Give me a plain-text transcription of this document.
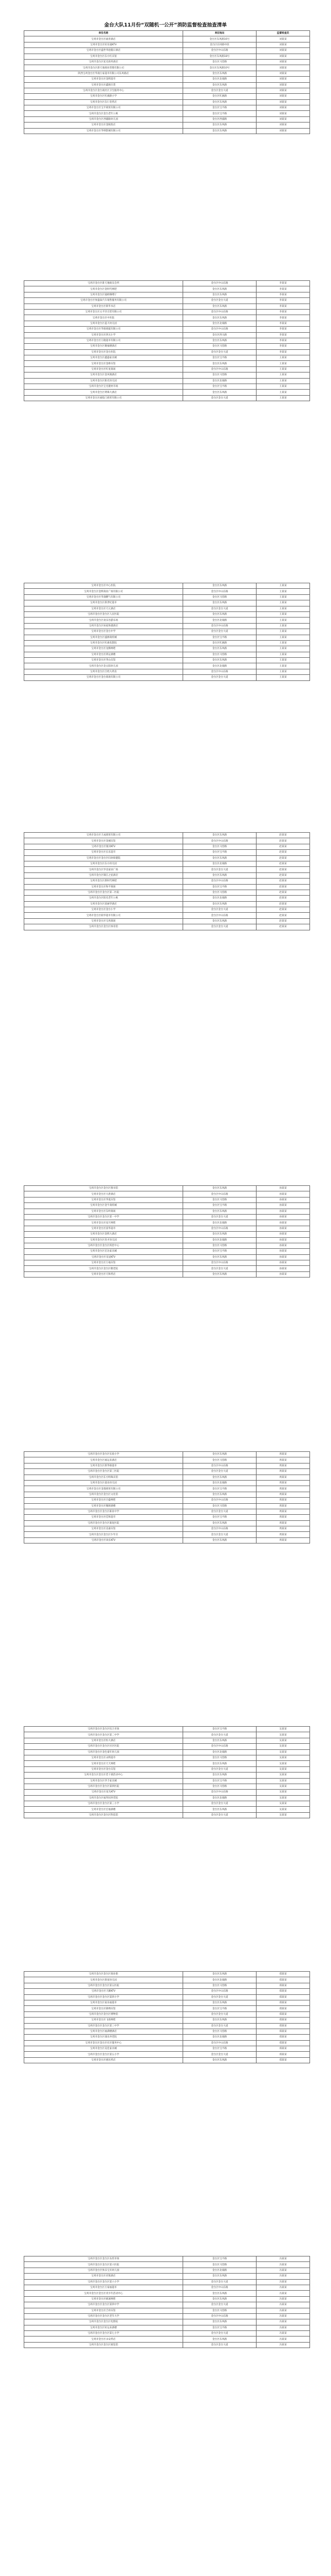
金台大队11月份“双随机一公开”消防监督检查抽查清单
单位名称	单位地址	监督检查员
宝鸡市金台区福喜酒店	金台区东风路16号	刘某某
宝鸡市金台区好乐迪KTV	金台区东风路中段	刘某某
宝鸡市金台区盛世华庭假日酒店	金台区中山东路	刘某某
宝鸡市金台区东方红宾馆	金台区东风路18号	刘某某
宝鸡市金台区星光商务酒店	金台区马营路	刘某某
宝鸡市金台区新天地商业管理有限公司	金台区东风路10号	刘某某
陕西宝鸡金台区华润万家超市有限公司东风路店	金台区东风路	刘某某
宝鸡市金台区金辉超市	金台区北坡路	刘某某
宝鸡市金台区鑫源百货	金台区东风路	刘某某
宝鸡市金台区金台观社区卫生服务中心	金台区金台大道	刘某某
宝鸡市金台区红旗路小学	金台区红旗路	刘某某
宝鸡市金台区东仁堂药店	金台区东风路	刘某某
宝鸡市金台区宝平商贸有限公司	金台区宝平路	刘某某
宝鸡市金台区金台老年公寓	金台区宝平路	刘某某
宝鸡市金台区西虢路幼儿园	金台区西虢路	刘某某
宝鸡市金台区金陵饭店	金台区东风路	刘某某
宝鸡市金台区华纳影城有限公司	金台区东风路	刘某某
宝鸡市金台区新天地娱乐会所	金台区中山东路	李某某
宝鸡市金台区金时代网吧	金台区东风路	李某某
宝鸡市金台区迪欧咖啡厅	金台区东风路	李某某
宝鸡市金台区恒盛泰汽车销售服务有限公司	金台区金台大道	李某某
宝鸡市金台区新华书店	金台区东风路	李某某
宝鸡市金台区太平洋百货有限公司	金台区中山东路	李某某
宝鸡市金台区中医院	金台区东风路	李某某
宝鸡市金台区蓝天幼儿园	金台区北坡路	李某某
宝鸡市金台区华联商厦有限公司	金台区中山东路	李某某
宝鸡市金台区西关小学	金台区西关路	李某某
宝鸡市金台区万隆超市有限公司	金台区东风路	李某某
宝鸡市金台区聚福楼酒店	金台区马营路	李某某
宝鸡市金台区金台医院	金台区金台大道	李某某
宝鸡市金台区鑫盛家具城	金台区宝平路	王某某
宝鸡市金台区金桥宾馆	金台区东风路	王某某
宝鸡市金台区红星商场	金台区中山东路	王某某
宝鸡市金台区金凤凰酒店	金台区马营路	王某某
宝鸡市金台区阳光幼儿园	金台区北坡路	王某某
宝鸡市金台区宝光建材市场	金台区宝平路	王某某
宝鸡市金台区明珠大酒店	金台区东风路	王某某
宝鸡市金台区福临门商贸有限公司	金台区金台大道	王某某
宝鸡市金台区中心医院	金台区东风路	王某某
宝鸡市金台区金辉商业广场有限公司	金台区中山东路	王某某
宝鸡市金台区华润燃气有限公司	金台区马营路	王某某
宝鸡市金台区新世纪超市	金台区东风路	王某某
宝鸡市金台区天元酒店	金台区金台大道	王某某
宝鸡市金台区金台区人民医院	金台区东风路	王某某
宝鸡市金台区欢乐谷游乐场	金台区北坡路	王某某
宝鸡市金台区如家快捷酒店	金台区中山东路	王某某
宝鸡市金台区金台中学	金台区金台大道	王某某
宝鸡市金台区盛源商贸城	金台区宝平路	王某某
宝鸡市金台区红旗电影院	金台区红旗路	王某某
宝鸡市金台区龙腾网吧	金台区东风路	王某某
宝鸡市金台区鸿运酒楼	金台区马营路	王某某
宝鸡市金台区华山宾馆	金台区东风路	王某某
宝鸡市金台区金太阳幼儿园	金台区北坡路	王某某
宝鸡市金台区百姓大药房	金台区中山东路	王某某
宝鸡市金台区金台商场有限公司	金台区金台大道	王某某
宝鸡市金台区天成商贸有限公司	金台区东风路	赵某某
宝鸡市金台区金城宾馆	金台区中山东路	赵某某
宝鸡市金台区银河KTV	金台区马营路	赵某某
宝鸡市金台区长乐超市	金台区宝平路	赵某某
宝鸡市金台区金台区妇幼保健院	金台区东风路	赵某某
宝鸡市金台区东方幼儿园	金台区北坡路	赵某某
宝鸡市金台区华美家居广场	金台区金台大道	赵某某
宝鸡市金台区锦江之星酒店	金台区东风路	赵某某
宝鸡市金台区新时代网吧	金台区中山东路	赵某某
宝鸡市金台区和平商场	金台区宝平路	赵某某
宝鸡市金台区金台区第二医院	金台区马营路	赵某某
宝鸡市金台区阳光老年公寓	金台区北坡路	赵某某
宝鸡市金台区富丽华酒店	金台区东风路	赵某某
宝鸡市金台区金台小学	金台区金台大道	赵某某
宝鸡市金台区联华超市有限公司	金台区中山东路	赵某某
宝鸡市金台区宝鸡商场	金台区东风路	赵某某
宝鸡市金台区金台区体育馆	金台区金台大道	赵某某
宝鸡市金台区金台区图书馆	金台区东风路	孙某某
宝鸡市金台区大唐酒店	金台区中山东路	孙某某
宝鸡市金台区华夏宾馆	金台区马营路	孙某某
宝鸡市金台区金牛商贸城	金台区宝平路	孙某某
宝鸡市金台区东岭商场	金台区东风路	孙某某
宝鸡市金台区金台区第一中学	金台区金台大道	孙某某
宝鸡市金台区星月网吧	金台区北坡路	孙某某
宝鸡市金台区富华超市	金台区中山东路	孙某某
宝鸡市金台区金辉大酒店	金台区东风路	孙某某
宝鸡市金台区育才幼儿园	金台区北坡路	孙某某
宝鸡市金台区金台区疾控中心	金台区马营路	孙某某
宝鸡市金台区宏达家具城	金台区宝平路	孙某某
宝鸡市金台区皇冠KTV	金台区东风路	孙某某
宝鸡市金台区万福宾馆	金台区中山东路	孙某某
宝鸡市金台区金台区敬老院	金台区金台大道	孙某某
宝鸡市金台区天和药店	金台区东风路	孙某某
宝鸡市金台区金台区实验小学	金台区东风路	周某某
宝鸡市金台区福运来酒店	金台区马营路	周某某
宝鸡市金台区新华联超市	金台区中山东路	周某某
宝鸡市金台区金台区第三医院	金台区金台大道	周某某
宝鸡市金台区东方明珠宾馆	金台区东风路	周某某
宝鸡市金台区童乐幼儿园	金台区北坡路	周某某
宝鸡市金台区金鼎商贸有限公司	金台区宝平路	周某某
宝鸡市金台区金台区文化馆	金台区东风路	周某某
宝鸡市金台区百盛网吧	金台区中山东路	周某某
宝鸡市金台区聚源酒楼	金台区马营路	周某某
宝鸡市金台区金台区职业中学	金台区金台大道	周某某
宝鸡市金台区佳和超市	金台区宝平路	周某某
宝鸡市金台区金台区康复医院	金台区东风路	周某某
宝鸡市金台区美嘉宾馆	金台区中山东路	周某某
宝鸡市金台区金台区少年宫	金台区金台大道	周某某
宝鸡市金台区欢乐KTV	金台区东风路	周某某
宝鸡市金台区金台区综合市场	金台区宝平路	吴某某
宝鸡市金台区金台区第二中学	金台区金台大道	吴某某
宝鸡市金台区恒大酒店	金台区东风路	吴某某
宝鸡市金台区金台区社区医院	金台区中山东路	吴某某
宝鸡市金台区金色童年幼儿园	金台区北坡路	吴某某
宝鸡市金台区永辉超市	金台区马营路	吴某某
宝鸡市金台区天天网吧	金台区东风路	吴某某
宝鸡市金台区金台宾馆	金台区金台大道	吴某某
宝鸡市金台区金台区老干部活动中心	金台区东风路	吴某某
宝鸡市金台区华丰家具城	金台区宝平路	吴某某
宝鸡市金台区金台区第四医院	金台区马营路	吴某某
宝鸡市金台区星光KTV	金台区中山东路	吴某某
宝鸡市金台区福寿园养老院	金台区北坡路	吴某某
宝鸡市金台区金台区第三小学	金台区金台大道	吴某某
宝鸡市金台区宏福酒楼	金台区东风路	吴某某
宝鸡市金台区金台区科技馆	金台区金台大道	吴某某
宝鸡市金台区金台区商业街	金台区东风路	郑某某
宝鸡市金台区新星幼儿园	金台区北坡路	郑某某
宝鸡市金台区金台区第五医院	金台区马营路	郑某某
宝鸡市金台区天籁KTV	金台区中山东路	郑某某
宝鸡市金台区金台区第四小学	金台区金台大道	郑某某
宝鸡市金台区家乐福超市	金台区东风路	郑某某
宝鸡市金台区锦绣宾馆	金台区宝平路	郑某某
宝鸡市金台区金台区博物馆	金台区金台大道	郑某某
宝鸡市金台区飞扬网吧	金台区东风路	郑某某
宝鸡市金台区金台区第三中学	金台区金台大道	郑某某
宝鸡市金台区福满楼酒店	金台区马营路	郑某某
宝鸡市金台区康乐养老院	金台区北坡路	郑某某
宝鸡市金台区金台区社区服务中心	金台区中山东路	郑某某
宝鸡市金台区美佳家具城	金台区宝平路	郑某某
宝鸡市金台区金台区第五小学	金台区金台大道	郑某某
宝鸡市金台区惠民药店	金台区东风路	郑某某
宝鸡市金台区金台区农贸市场	金台区宝平路	冯某某
宝鸡市金台区金台区第六医院	金台区马营路	冯某某
宝鸡市金台区快乐宝贝幼儿园	金台区北坡路	冯某某
宝鸡市金台区君悦酒店	金台区东风路	冯某某
宝鸡市金台区金台区第六小学	金台区金台大道	冯某某
宝鸡市金台区万家福超市	金台区中山东路	冯某某
宝鸡市金台区金台区青少年活动中心	金台区东风路	冯某某
宝鸡市金台区极速网吧	金台区东风路	冯某某
宝鸡市金台区金台区第四中学	金台区金台大道	冯某某
宝鸡市金台区吉祥宾馆	金台区马营路	冯某某
宝鸡市金台区金台区老年大学	金台区中山东路	冯某某
宝鸡市金台区金台区电影院	金台区东风路	冯某某
宝鸡市金台区好运来酒楼	金台区宝平路	冯某某
宝鸡市金台区金台区第七小学	金台区金台大道	冯某某
宝鸡市金台区永安药店	金台区东风路	冯某某
宝鸡市金台区金台区展览馆	金台区金台大道	冯某某
